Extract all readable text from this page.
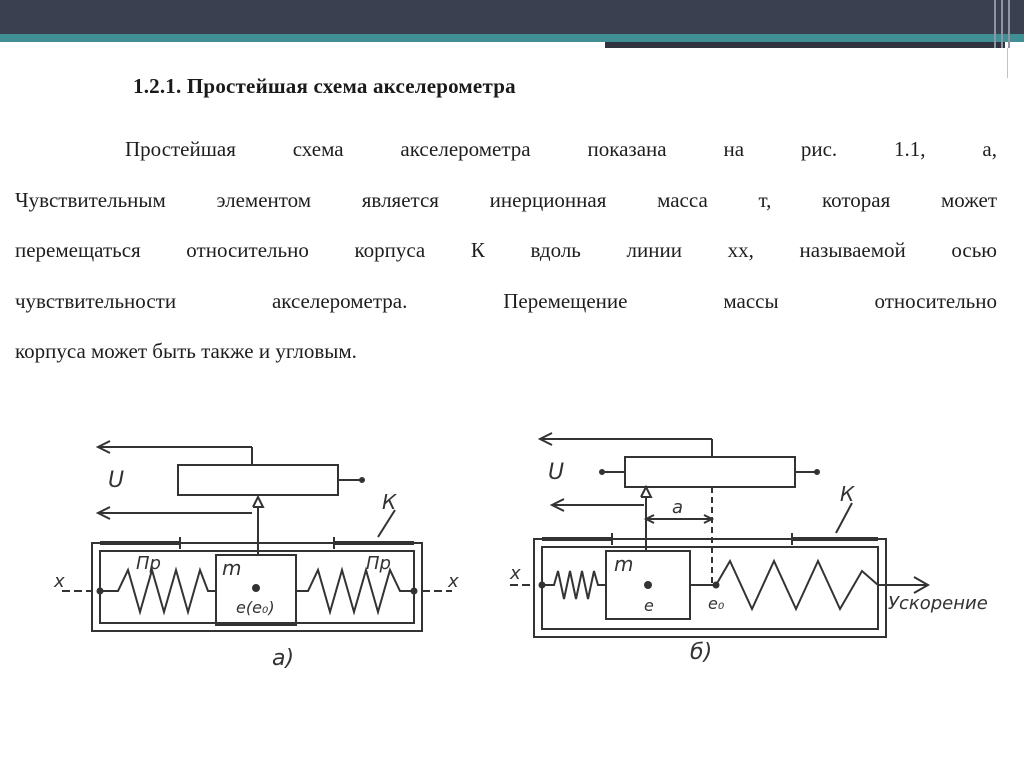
1.2.1. Простейшая схема акселерометра
Простейшая схема акселерометра показана на рис. 1.1, а,
Чувствительным элементом является инерционная масса т, которая может
перемещаться относительно корпуса К вдоль линии хх, называемой осью
чувствительности акселерометра. Перемещение массы относительно
корпуса может быть также и угловым.
U
К
m
e(e₀)
Пр	Пр
x	x
а)
U
К
m
e	e₀
a
x
Ускорение
б)
